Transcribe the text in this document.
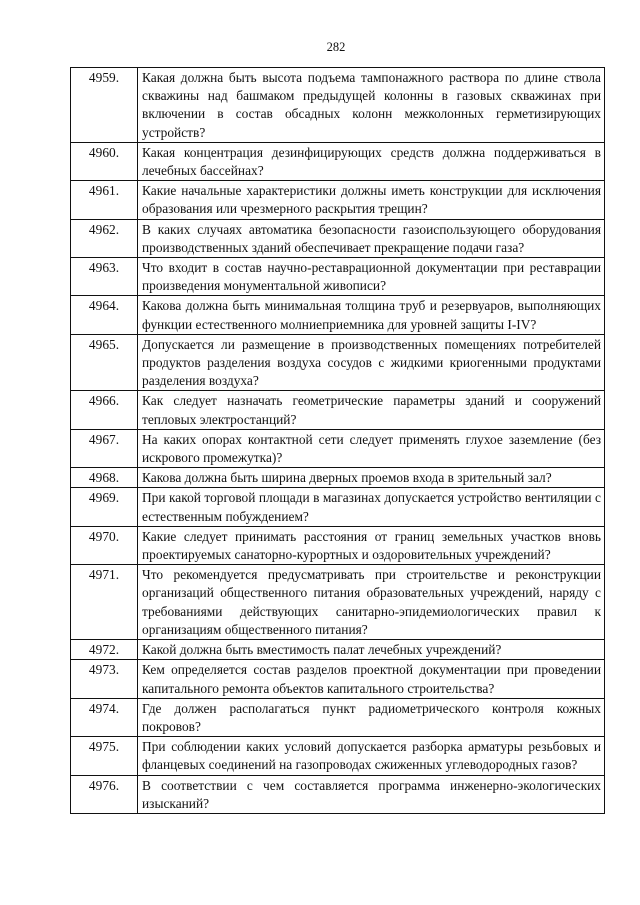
282
4959.	Какая должна быть высота подъема тампонажного раствора по длине ствола скважины над башмаком предыдущей колонны в газовых скважинах при включении в состав обсадных колонн межколонных герметизирующих устройств?
4960.	Какая концентрация дезинфицирующих средств должна поддерживаться в лечебных бассейнах?
4961.	Какие начальные характеристики должны иметь конструкции для исключения образования или чрезмерного раскрытия трещин?
4962.	В каких случаях автоматика безопасности газоиспользующего оборудования производственных зданий обеспечивает прекращение подачи газа?
4963.	Что входит в состав научно-реставрационной документации при реставрации произведения монументальной живописи?
4964.	Какова должна быть минимальная толщина труб и резервуаров, выполняющих функции естественного молниеприемника для уровней защиты I-IV?
4965.	Допускается ли размещение в производственных помещениях потребителей продуктов разделения воздуха сосудов с жидкими криогенными продуктами разделения воздуха?
4966.	Как следует назначать геометрические параметры зданий и сооружений тепловых электростанций?
4967.	На каких опорах контактной сети следует применять глухое заземление (без искрового промежутка)?
4968.	Какова должна быть ширина дверных проемов входа в зрительный зал?
4969.	При какой торговой площади в магазинах допускается устройство вентиляции с естественным побуждением?
4970.	Какие следует принимать расстояния от границ земельных участков вновь проектируемых санаторно-курортных и оздоровительных учреждений?
4971.	Что рекомендуется предусматривать при строительстве и реконструкции организаций общественного питания образовательных учреждений, наряду с требованиями действующих санитарно-эпидемиологических правил к организациям общественного питания?
4972.	Какой должна быть вместимость палат лечебных учреждений?
4973.	Кем определяется состав разделов проектной документации при проведении капитального ремонта объектов капитального строительства?
4974.	Где должен располагаться пункт радиометрического контроля кожных покровов?
4975.	При соблюдении каких условий допускается разборка арматуры резьбовых и фланцевых соединений на газопроводах сжиженных углеводородных газов?
4976.	В соответствии с чем составляется программа инженерно-экологических изысканий?
